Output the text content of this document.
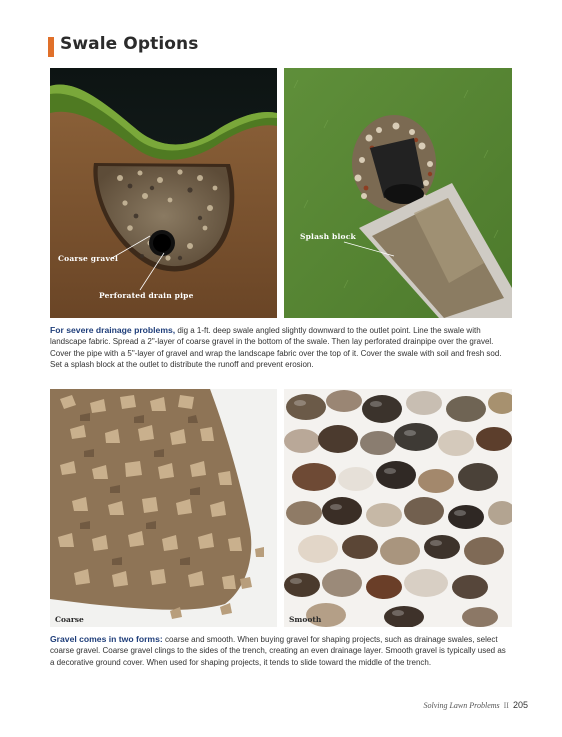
Swale Options
Coarse gravel
Perforated drain pipe
Splash block
For severe drainage problems, dig a 1-ft. deep swale angled slightly downward to the outlet point. Line the swale with landscape fabric. Spread a 2"-layer of coarse gravel in the bottom of the swale. Then lay perforated drainpipe over the gravel. Cover the pipe with a 5"-layer of gravel and wrap the landscape fabric over the top of it. Cover the swale with soil and fresh sod. Set a splash block at the outlet to distribute the runoff and prevent erosion.
Coarse	Smooth
Gravel comes in two forms: coarse and smooth. When buying gravel for shaping projects, such as drainage swales, select coarse gravel. Coarse gravel clings to the sides of the trench, creating an even drainage layer. Smooth gravel is typically used as a decorative ground cover. When used for shaping projects, it tends to slide toward the middle of the trench.
Solving Lawn Problems II 205
